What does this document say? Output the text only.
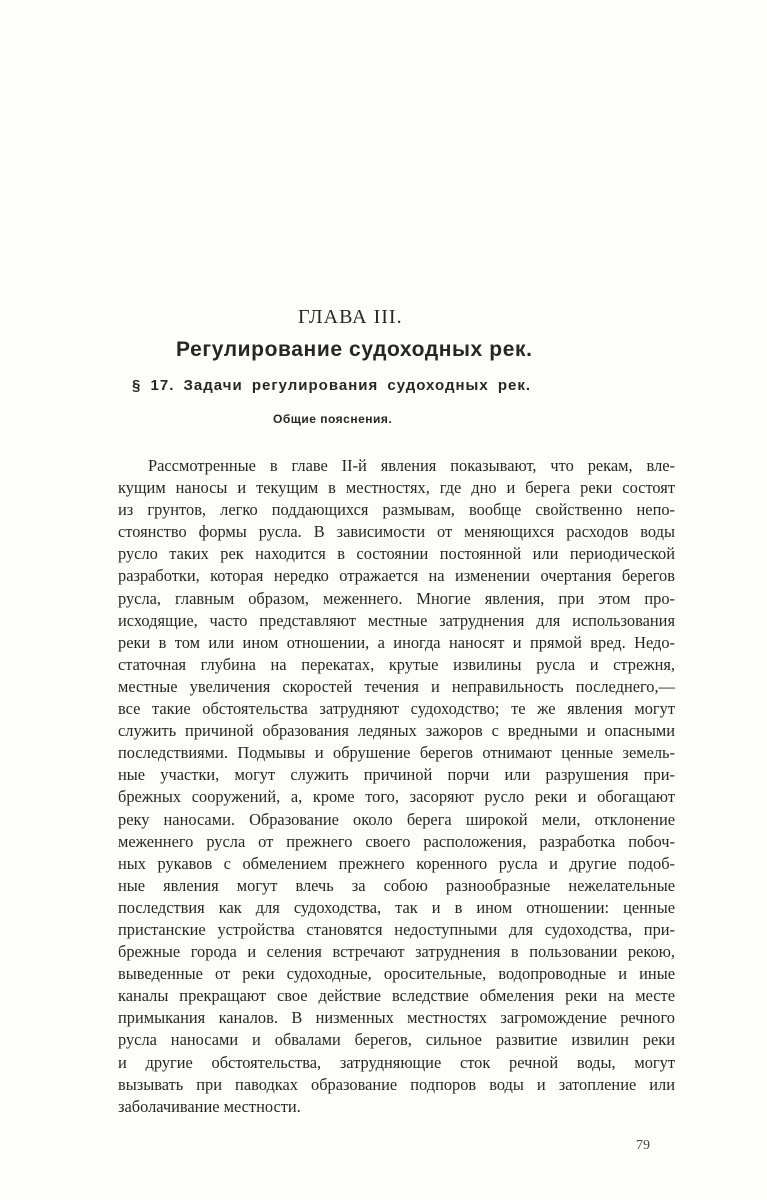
ГЛАВА III.
Регулирование судоходных рек.
§ 17. Задачи регулирования судоходных рек.
Общие пояснения.
Рассмотренные в главе II-й явления показывают, что рекам, вле-
кущим наносы и текущим в местностях, где дно и берега реки состоят
из грунтов, легко поддающихся размывам, вообще свойственно непо-
стоянство формы русла. В зависимости от меняющихся расходов воды
русло таких рек находится в состоянии постоянной или периодической
разработки, которая нередко отражается на изменении очертания берегов
русла, главным образом, меженнего. Многие явления, при этом про-
исходящие, часто представляют местные затруднения для использования
реки в том или ином отношении, а иногда наносят и прямой вред. Недо-
статочная глубина на перекатах, крутые извилины русла и стрежня,
местные увеличения скоростей течения и неправильность последнего,—
все такие обстоятельства затрудняют судоходство; те же явления могут
служить причиной образования ледяных зажоров с вредными и опасными
последствиями. Подмывы и обрушение берегов отнимают ценные земель-
ные участки, могут служить причиной порчи или разрушения при-
брежных сооружений, а, кроме того, засоряют русло реки и обогащают
реку наносами. Образование около берега широкой мели, отклонение
меженнего русла от прежнего своего расположения, разработка побоч-
ных рукавов с обмелением прежнего коренного русла и другие подоб-
ные явления могут влечь за собою разнообразные нежелательные
последствия как для судоходства, так и в ином отношении: ценные
пристанские устройства становятся недоступными для судоходства, при-
брежные города и селения встречают затруднения в пользовании рекою,
выведенные от реки судоходные, оросительные, водопроводные и иные
каналы прекращают свое действие вследствие обмеления реки на месте
примыкания каналов. В низменных местностях загромождение речного
русла наносами и обвалами берегов, сильное развитие извилин реки
и другие обстоятельства, затрудняющие сток речной воды, могут
вызывать при паводках образование подпоров воды и затопление или
заболачивание местности.
79
